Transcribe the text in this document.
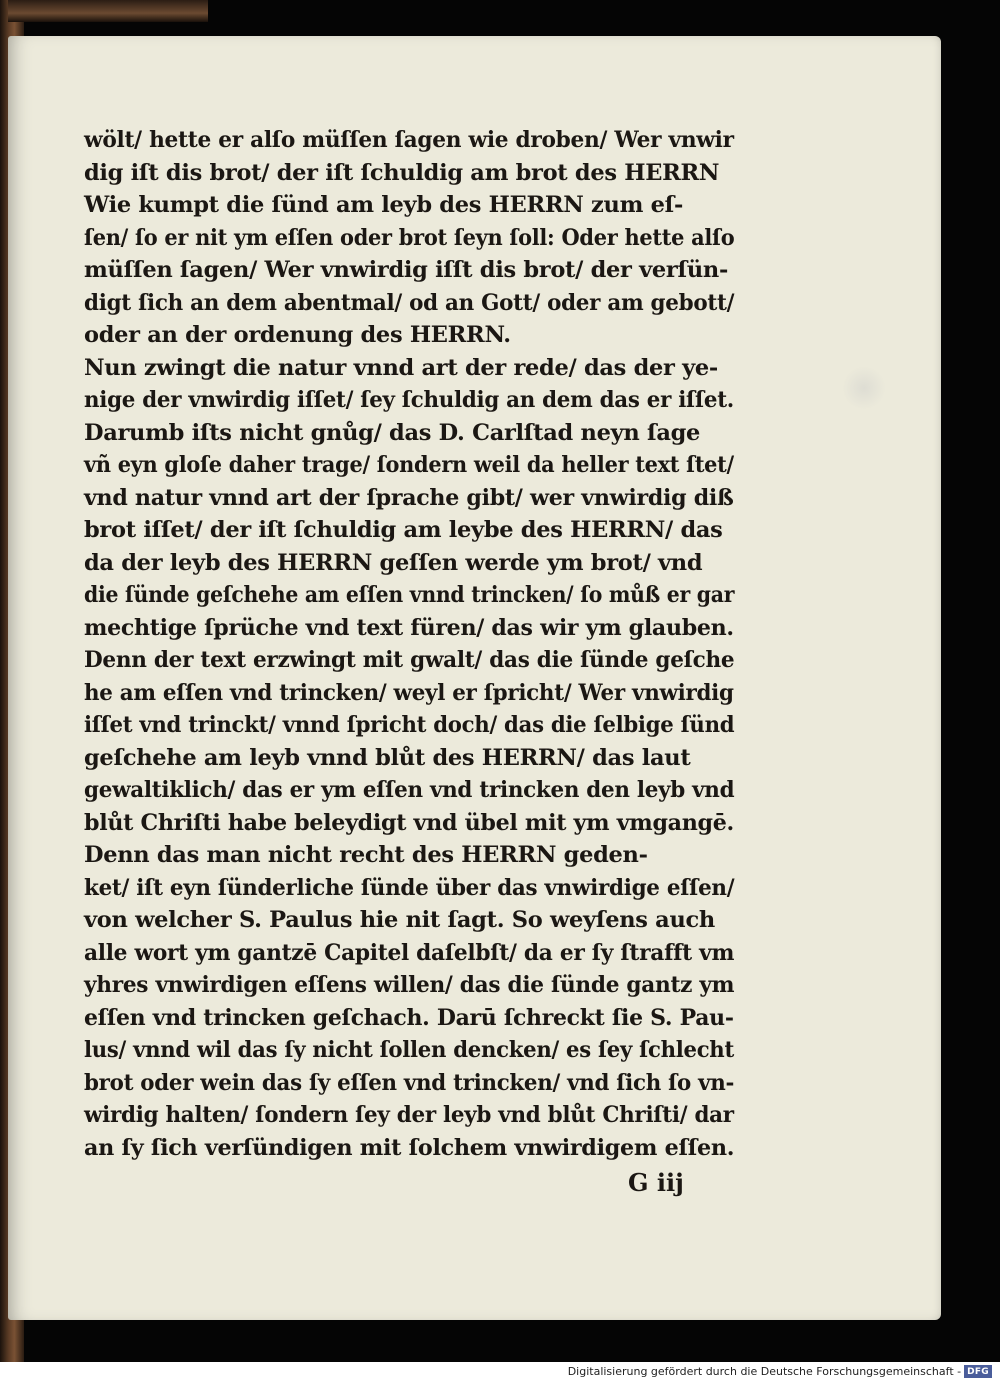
wölt/ hette er alſo müſſen ſagen wie droben/ Wer vnwir
dig iſt dis brot/ der iſt ſchuldig am brot des HERRN
Wie kumpt die ſünd am leyb des HERRN zum eſ-
ſen/ ſo er nit ym eſſen oder brot ſeyn ſoll: Oder hette alſo
müſſen ſagen/ Wer vnwirdig iſſt dis brot/ der verſün-
digt ſich an dem abentmal/ od an Gott/ oder am gebott/
oder an der ordenung des HERRN.
Nun zwingt die natur vnnd art der rede/ das der ye-
nige der vnwirdig iſſet/ ſey ſchuldig an dem das er iſſet.
Darumb iſts nicht gnůg/ das D. Carlſtad neyn ſage
vñ eyn gloſe daher trage/ ſondern weil da heller text ſtet/
vnd natur vnnd art der ſprache gibt/ wer vnwirdig diß
brot iſſet/ der iſt ſchuldig am leybe des HERRN/ das
da der leyb des HERRN geſſen werde ym brot/ vnd
die ſünde geſchehe am eſſen vnnd trincken/ ſo můß er gar
mechtige ſprüche vnd text füren/ das wir ym glauben.
Denn der text erzwingt mit gwalt/ das die ſünde geſche
he am eſſen vnd trincken/ weyl er ſpricht/ Wer vnwirdig
iſſet vnd trinckt/ vnnd ſpricht doch/ das die ſelbige ſünd
geſchehe am leyb vnnd blůt des HERRN/ das laut
gewaltiklich/ das er ym eſſen vnd trincken den leyb vnd
blůt Chriſti habe beleydigt vnd übel mit ym vmgangē.
Denn das man nicht recht des HERRN geden-
ket/ iſt eyn ſünderliche ſünde über das vnwirdige eſſen/
von welcher S. Paulus hie nit ſagt. So weyſens auch
alle wort ym gantzē Capitel daſelbſt/ da er ſy ſtrafft vm
yhres vnwirdigen eſſens willen/ das die ſünde gantz ym
eſſen vnd trincken geſchach. Darū ſchreckt ſie S. Pau-
lus/ vnnd wil das ſy nicht ſollen dencken/ es ſey ſchlecht
brot oder wein das ſy eſſen vnd trincken/ vnd ſich ſo vn-
wirdig halten/ ſondern ſey der leyb vnd blůt Chriſti/ dar
an ſy ſich verſündigen mit ſolchem vnwirdigem eſſen.
G iij
Digitalisierung gefördert durch die Deutsche Forschungsgemeinschaft - DFG
